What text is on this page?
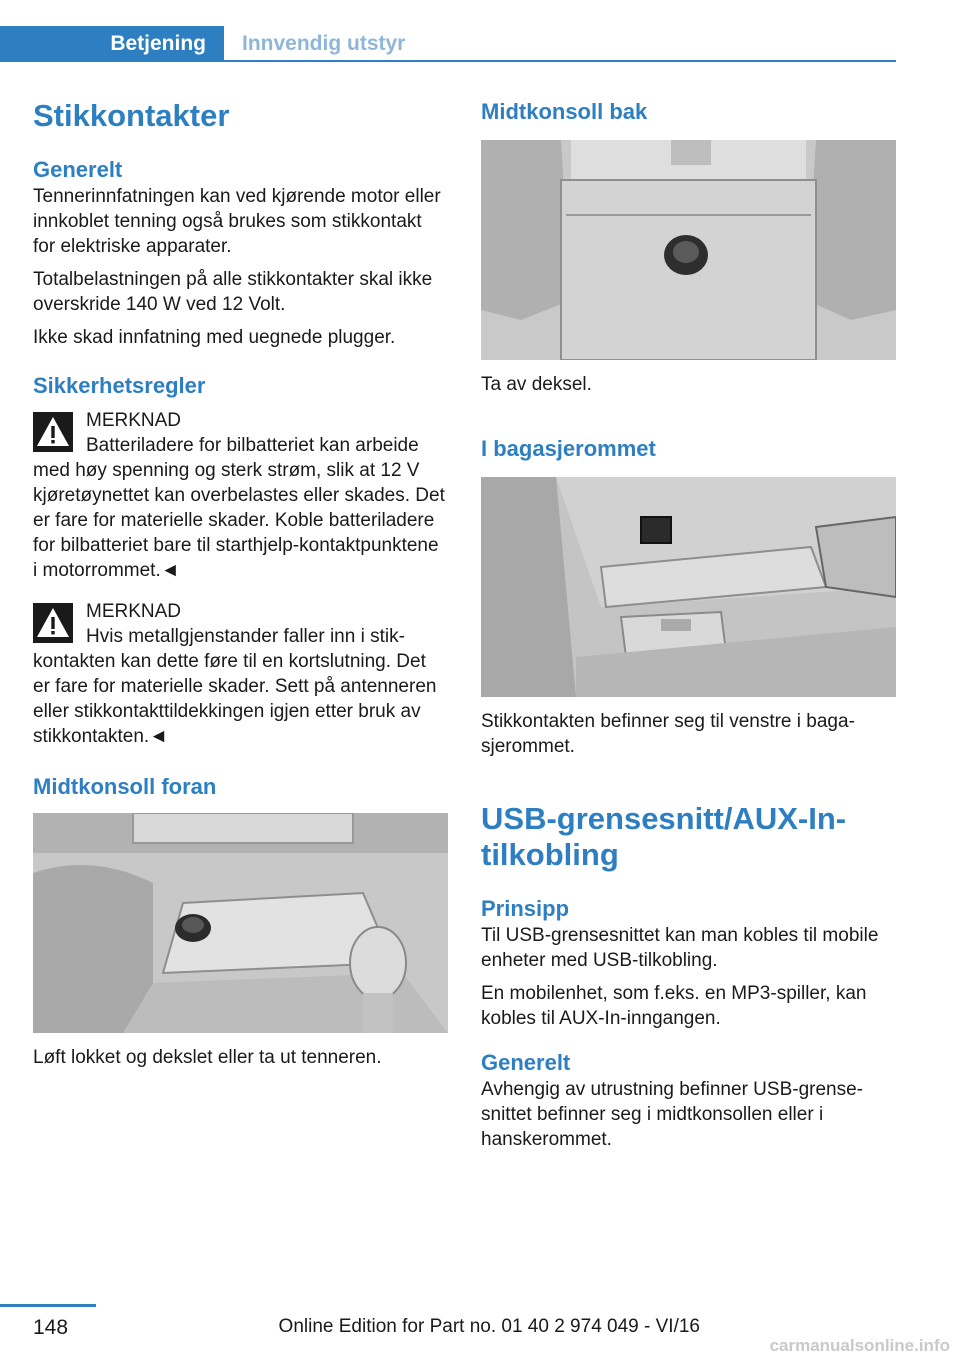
Betjening	Innvendig utstyr
Stikkontakter
Generelt

Tennerinnfatningen kan ved kjørende motor eller innkoblet tenning også brukes som stikkontakt for elektriske apparater.

Totalbelastningen på alle stikkontakter skal ikke overskride 140 W ved 12 Volt.

Ikke skad innfatning med uegnede plugger.

Sikkerhetsregler

MERKNAD

Batteriladere for bilbatteriet kan arbeide med høy spenning og sterk strøm, slik at 12 V kjøretøynettet kan overbelastes eller skades. Det er fare for materielle skader. Koble batteriladere for bilbatteriet bare til starthjelp-kontaktpunktene i motorrommet.◄

MERKNAD

Hvis metallgjenstander faller inn i stikkontakten kan dette føre til en kortslutning. Det er fare for materielle skader. Sett på antenneren eller stikkontakttildekkingen igjen etter bruk av stikkontakten.◄

Midtkonsoll foran

Løft lokket og dekslet eller ta ut tenneren.

Midtkonsoll bak

Ta av deksel.

I bagasjerommet

Stikkontakten befinner seg til venstre i bagasjerommet.

USB-grensesnitt/AUX-In-tilkobling
Prinsipp

Til USB-grensesnittet kan man kobles til mobile enheter med USB-tilkobling.

En mobilenhet, som f.eks. en MP3-spiller, kan kobles til AUX-In-inngangen.

Generelt

Avhengig av utrustning befinner USB-grensesnittet befinner seg i midtkonsollen eller i hanskerommet.

148	Online Edition for Part no. 01 40 2 974 049 - VI/16
carmanualsonline.info
